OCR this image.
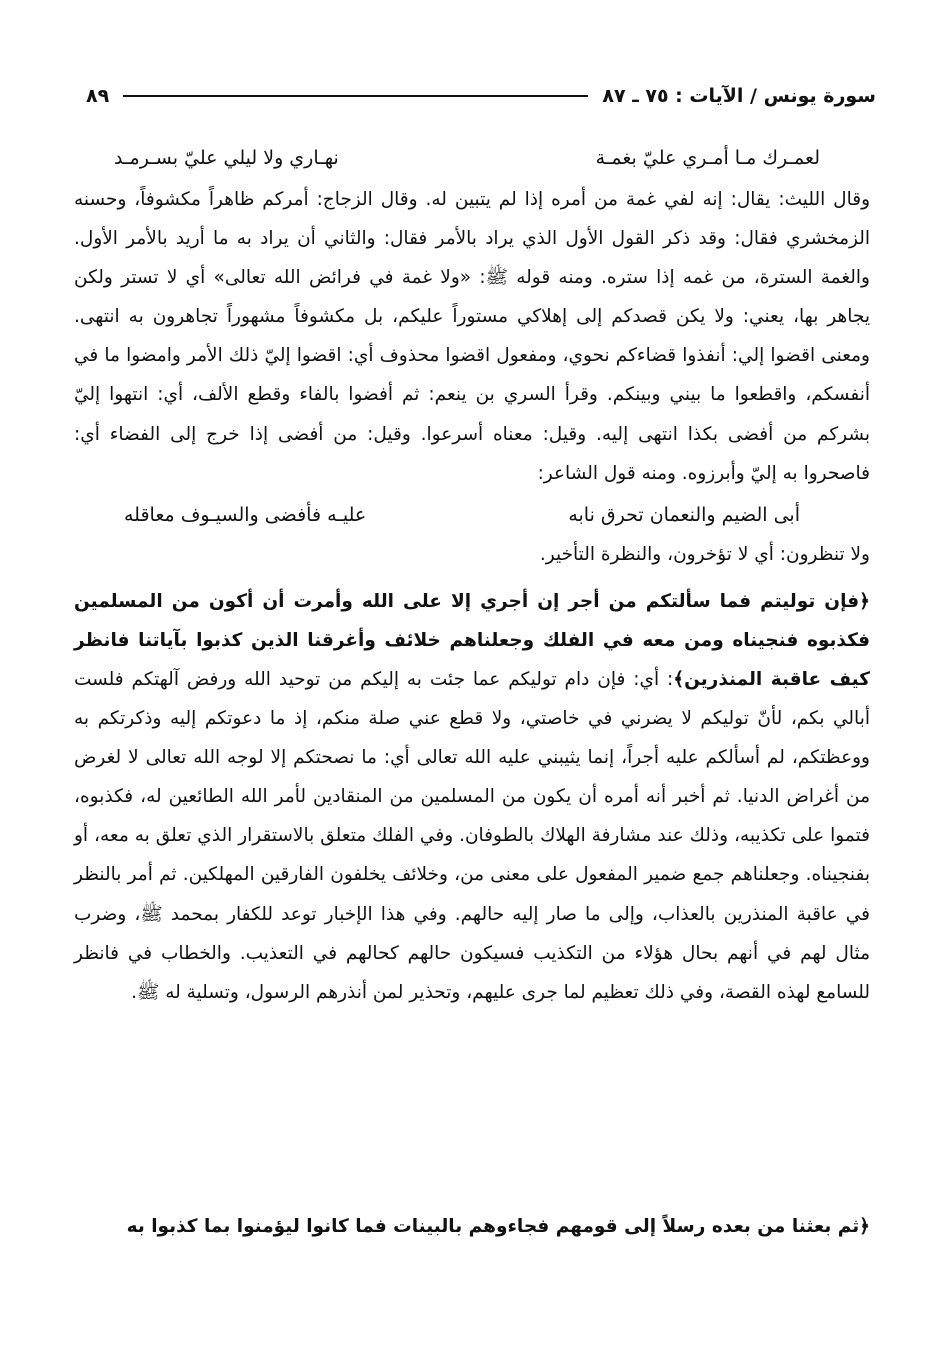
سورة يونس / الآيات : ٧٥ ـ ٨٧
٨٩
لعمـرك مـا أمـري عليّ بغمـة
نهـاري ولا ليلي عليّ بسـرمـد

وقال الليث: يقال: إنه لفي غمة من أمره إذا لم يتبين له. وقال الزجاج: أمركم ظاهراً مكشوفاً، وحسنه الزمخشري فقال: وقد ذكر القول الأول الذي يراد بالأمر فقال: والثاني أن يراد به ما أريد بالأمر الأول. والغمة السترة، من غمه إذا ستره. ومنه قوله ﷺ: «ولا غمة في فرائض الله تعالى» أي لا تستر ولكن يجاهر بها، يعني: ولا يكن قصدكم إلى إهلاكي مستوراً عليكم، بل مكشوفاً مشهوراً تجاهرون به انتهى. ومعنى اقضوا إلي: أنفذوا قضاءكم نحوي، ومفعول اقضوا محذوف أي: اقضوا إليّ ذلك الأمر وامضوا ما في أنفسكم، واقطعوا ما بيني وبينكم. وقرأ السري بن ينعم: ثم أفضوا بالفاء وقطع الألف، أي: انتهوا إليّ بشركم من أفضى بكذا انتهى إليه. وقيل: معناه أسرعوا. وقيل: من أفضى إذا خرج إلى الفضاء أي: فاصحروا به إليّ وأبرزوه. ومنه قول الشاعر:

أبى الضيم والنعمان تحرق نابه
عليـه فأفضى والسيـوف معاقله

ولا تنظرون: أي لا تؤخرون، والنظرة التأخير.

﴿فإن توليتم فما سألتكم من أجر إن أجري إلا على الله وأمرت أن أكون من المسلمين فكذبوه فنجيناه ومن معه في الفلك وجعلناهم خلائف وأغرقنا الذين كذبوا بآياتنا فانظر كيف عاقبة المنذرين﴾: أي: فإن دام توليكم عما جئت به إليكم من توحيد الله ورفض آلهتكم فلست أبالي بكم، لأنّ توليكم لا يضرني في خاصتي، ولا قطع عني صلة منكم، إذ ما دعوتكم إليه وذكرتكم به ووعظتكم، لم أسألكم عليه أجراً، إنما يثيبني عليه الله تعالى أي: ما نصحتكم إلا لوجه الله تعالى لا لغرض من أغراض الدنيا. ثم أخبر أنه أمره أن يكون من المسلمين من المنقادين لأمر الله الطائعين له، فكذبوه، فتموا على تكذيبه، وذلك عند مشارفة الهلاك بالطوفان. وفي الفلك متعلق بالاستقرار الذي تعلق به معه، أو بفنجيناه. وجعلناهم جمع ضمير المفعول على معنى من، وخلائف يخلفون الفارقين المهلكين. ثم أمر بالنظر في عاقبة المنذرين بالعذاب، وإلى ما صار إليه حالهم. وفي هذا الإخبار توعد للكفار بمحمد ﷺ، وضرب مثال لهم في أنهم بحال هؤلاء من التكذيب فسيكون حالهم كحالهم في التعذيب. والخطاب في فانظر للسامع لهذه القصة، وفي ذلك تعظيم لما جرى عليهم، وتحذير لمن أنذرهم الرسول، وتسلية له ﷺ.

﴿ثم بعثنا من بعده رسلاً إلى قومهم فجاءوهم بالبينات فما كانوا ليؤمنوا بما كذبوا به
